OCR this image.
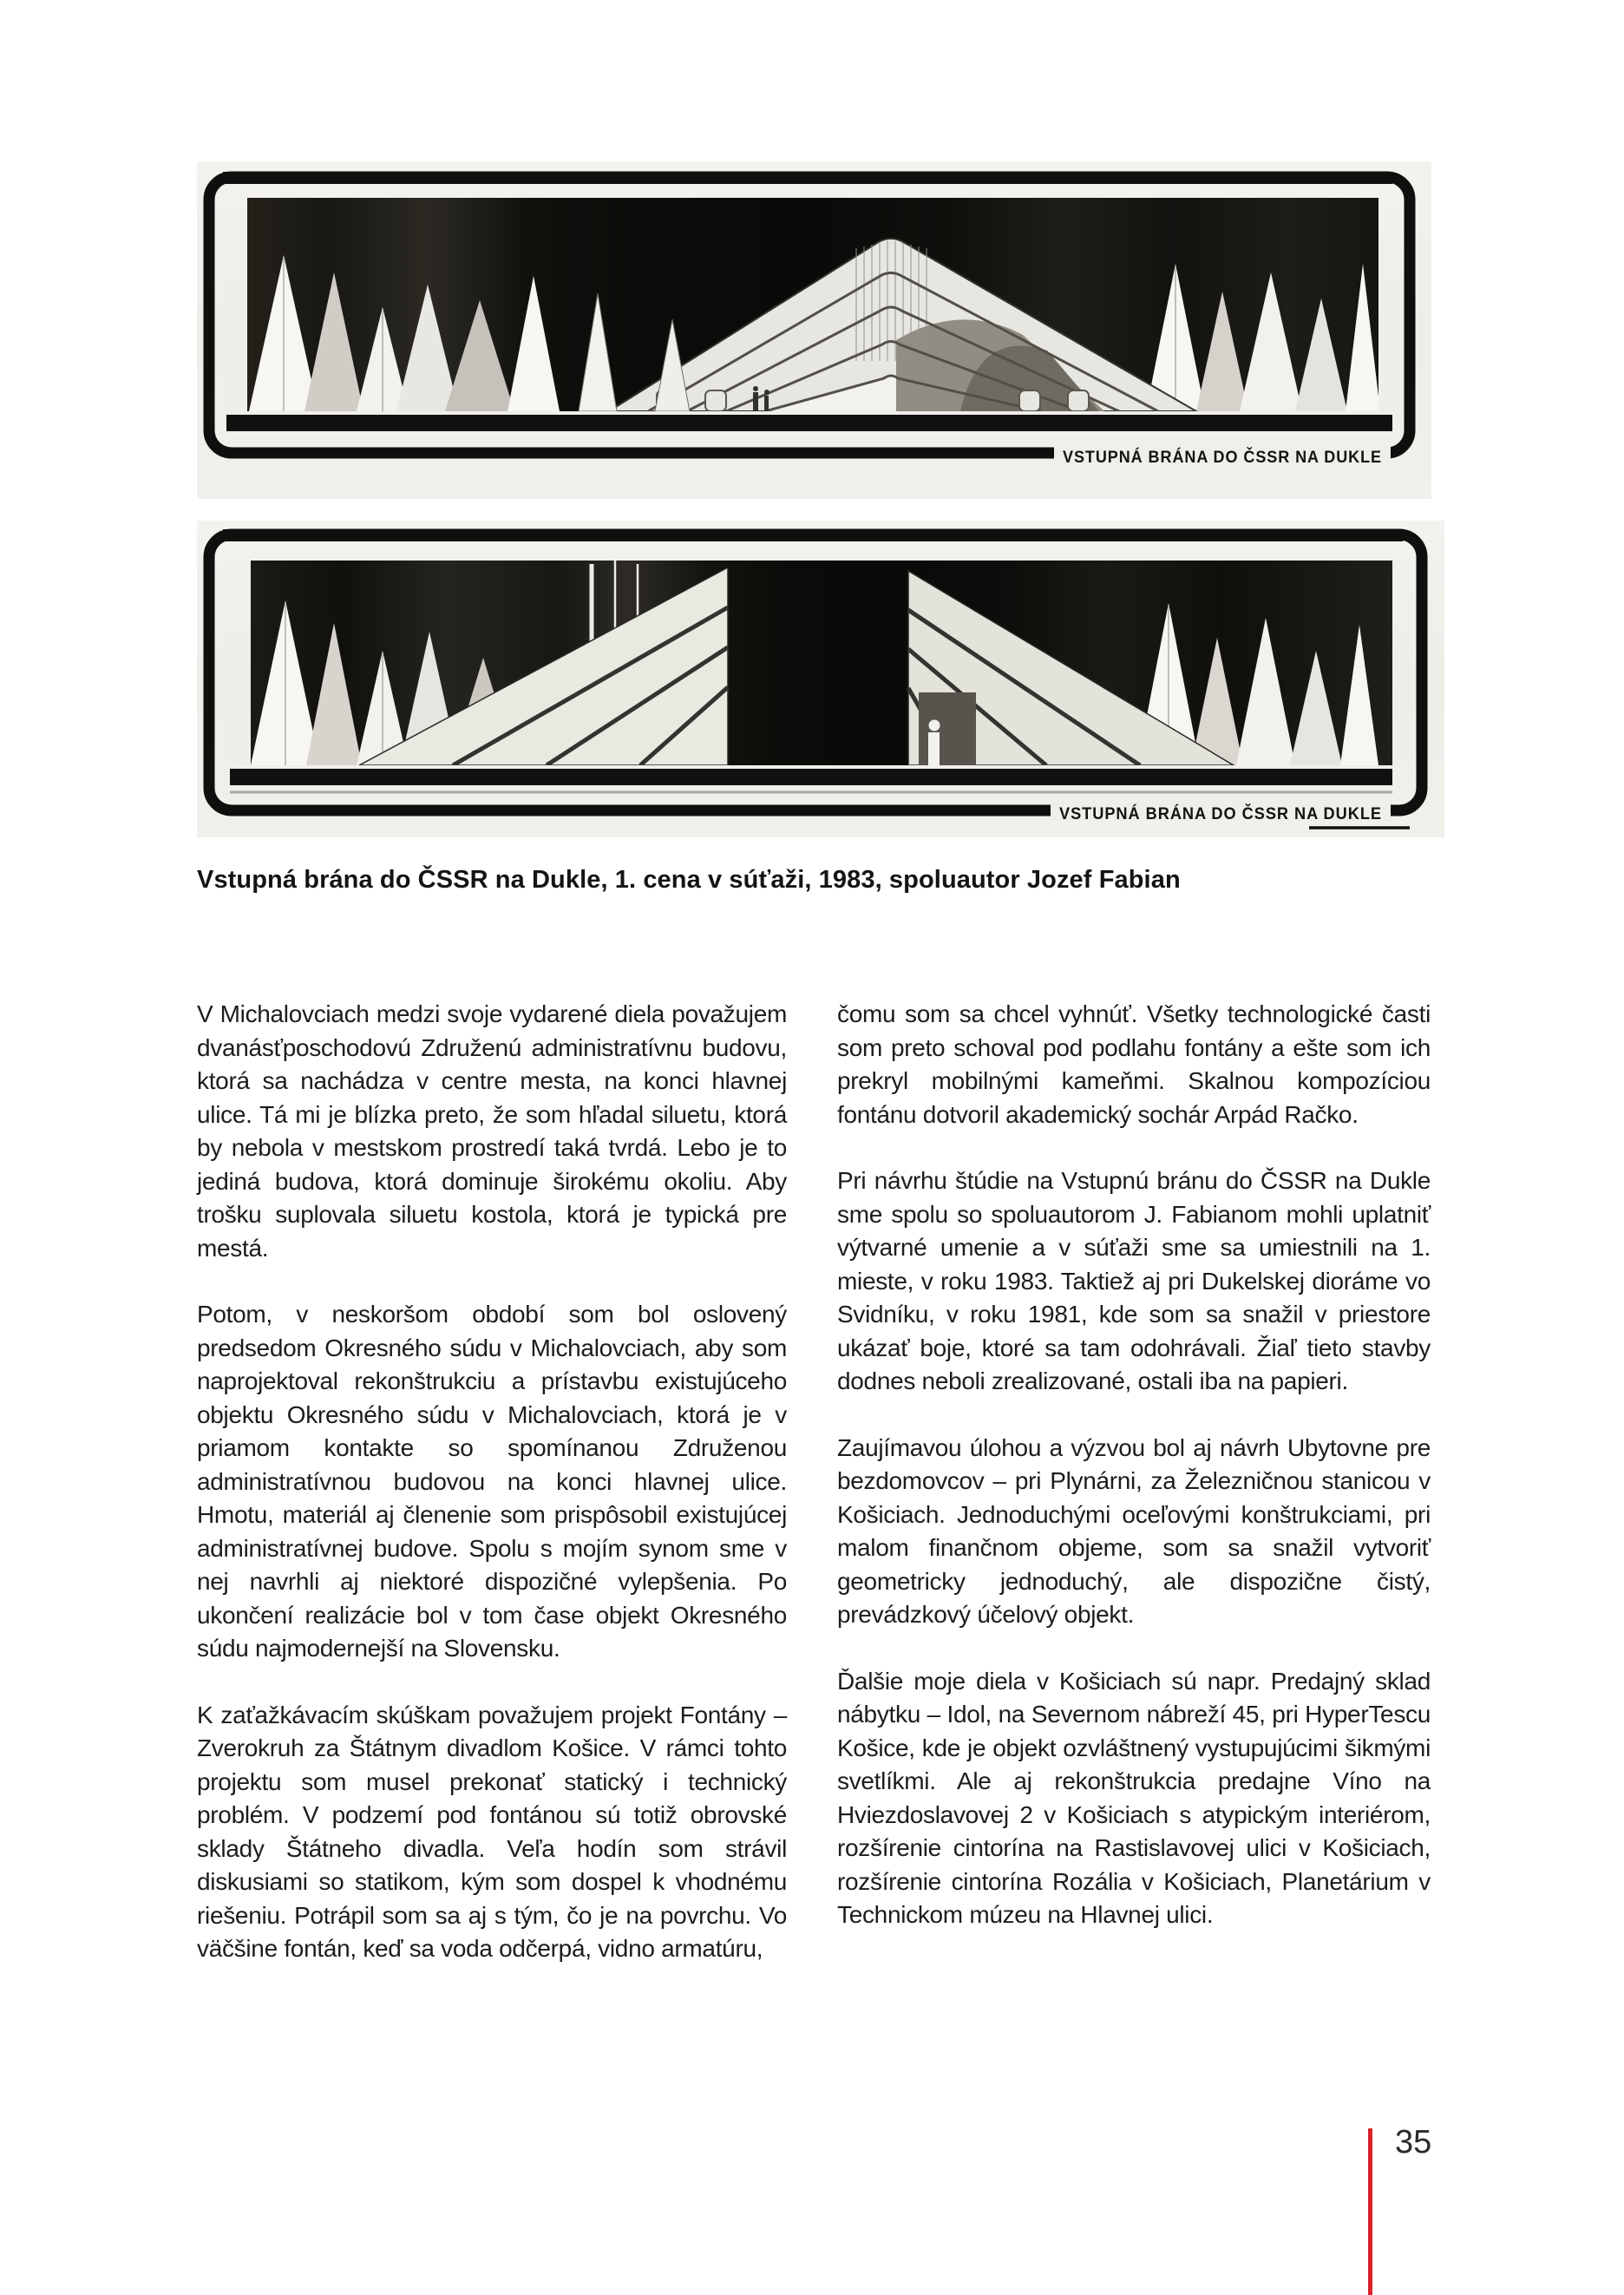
VSTUPNÁ BRÁNA DO ČSSR NA DUKLE
VSTUPNÁ BRÁNA DO ČSSR NA DUKLE

Vstupná brána do ČSSR na Dukle, 1. cena v súťaži, 1983, spoluautor Jozef Fabian

V Michalovciach medzi svoje vydarené diela považujem dvanásťposchodovú Združenú administratívnu budovu, ktorá sa nachádza v centre mesta, na konci hlavnej ulice. Tá mi je blízka preto, že som hľadal siluetu, ktorá by nebola v mestskom prostredí taká tvrdá. Lebo je to jediná budova, ktorá dominuje širokému okoliu. Aby trošku suplovala siluetu kostola, ktorá je typická pre mestá.

Potom, v neskoršom období som bol oslovený predsedom Okresného súdu v Michalovciach, aby som naprojektoval rekonštrukciu a prístavbu existujúceho objektu Okresného súdu v Michalovciach, ktorá je v priamom kontakte so spomínanou Združenou administratívnou budovou na konci hlavnej ulice. Hmotu, materiál aj členenie som prispôsobil existujúcej administratívnej budove. Spolu s mojím synom sme v nej navrhli aj niektoré dispozičné vylepšenia. Po ukončení realizácie bol v tom čase objekt Okresného súdu najmodernejší na Slovensku.

K zaťažkávacím skúškam považujem projekt Fontány – Zverokruh za Štátnym divadlom Košice. V rámci tohto projektu som musel prekonať statický i technický problém. V podzemí pod fontánou sú totiž obrovské sklady Štátneho divadla. Veľa hodín som strávil diskusiami so statikom, kým som dospel k vhodnému riešeniu. Potrápil som sa aj s tým, čo je na povrchu. Vo väčšine fontán, keď sa voda odčerpá, vidno armatúru,

čomu som sa chcel vyhnúť. Všetky technologické časti som preto schoval pod podlahu fontány a ešte som ich prekryl mobilnými kameňmi. Skalnou kompozíciou fontánu dotvoril akademický sochár Arpád Račko.

Pri návrhu štúdie na Vstupnú bránu do ČSSR na Dukle sme spolu so spoluautorom J. Fabianom mohli uplatniť výtvarné umenie a v súťaži sme sa umiestnili na 1. mieste, v roku 1983. Taktiež aj pri Dukelskej dioráme vo Svidníku, v roku 1981, kde som sa snažil v priestore ukázať boje, ktoré sa tam odohrávali. Žiaľ tieto stavby dodnes neboli zrealizované, ostali iba na papieri.

Zaujímavou úlohou a výzvou bol aj návrh Ubytovne pre bezdomovcov – pri Plynárni, za Železničnou stanicou v Košiciach. Jednoduchými oceľovými konštrukciami, pri malom finančnom objeme, som sa snažil vytvoriť geometricky jednoduchý, ale dispozične čistý, prevádzkový účelový objekt.

Ďalšie moje diela v Košiciach sú napr. Predajný sklad nábytku – Idol, na Severnom nábreží 45, pri HyperTescu Košice, kde je objekt ozvláštnený vystupujúcimi šikmými svetlíkmi. Ale aj rekonštrukcia predajne Víno na Hviezdoslavovej 2 v Košiciach s atypickým interiérom, rozšírenie cintorína na Rastislavovej ulici v Košiciach, rozšírenie cintorína Rozália v Košiciach, Planetárium v Technickom múzeu na Hlavnej ulici.

35
